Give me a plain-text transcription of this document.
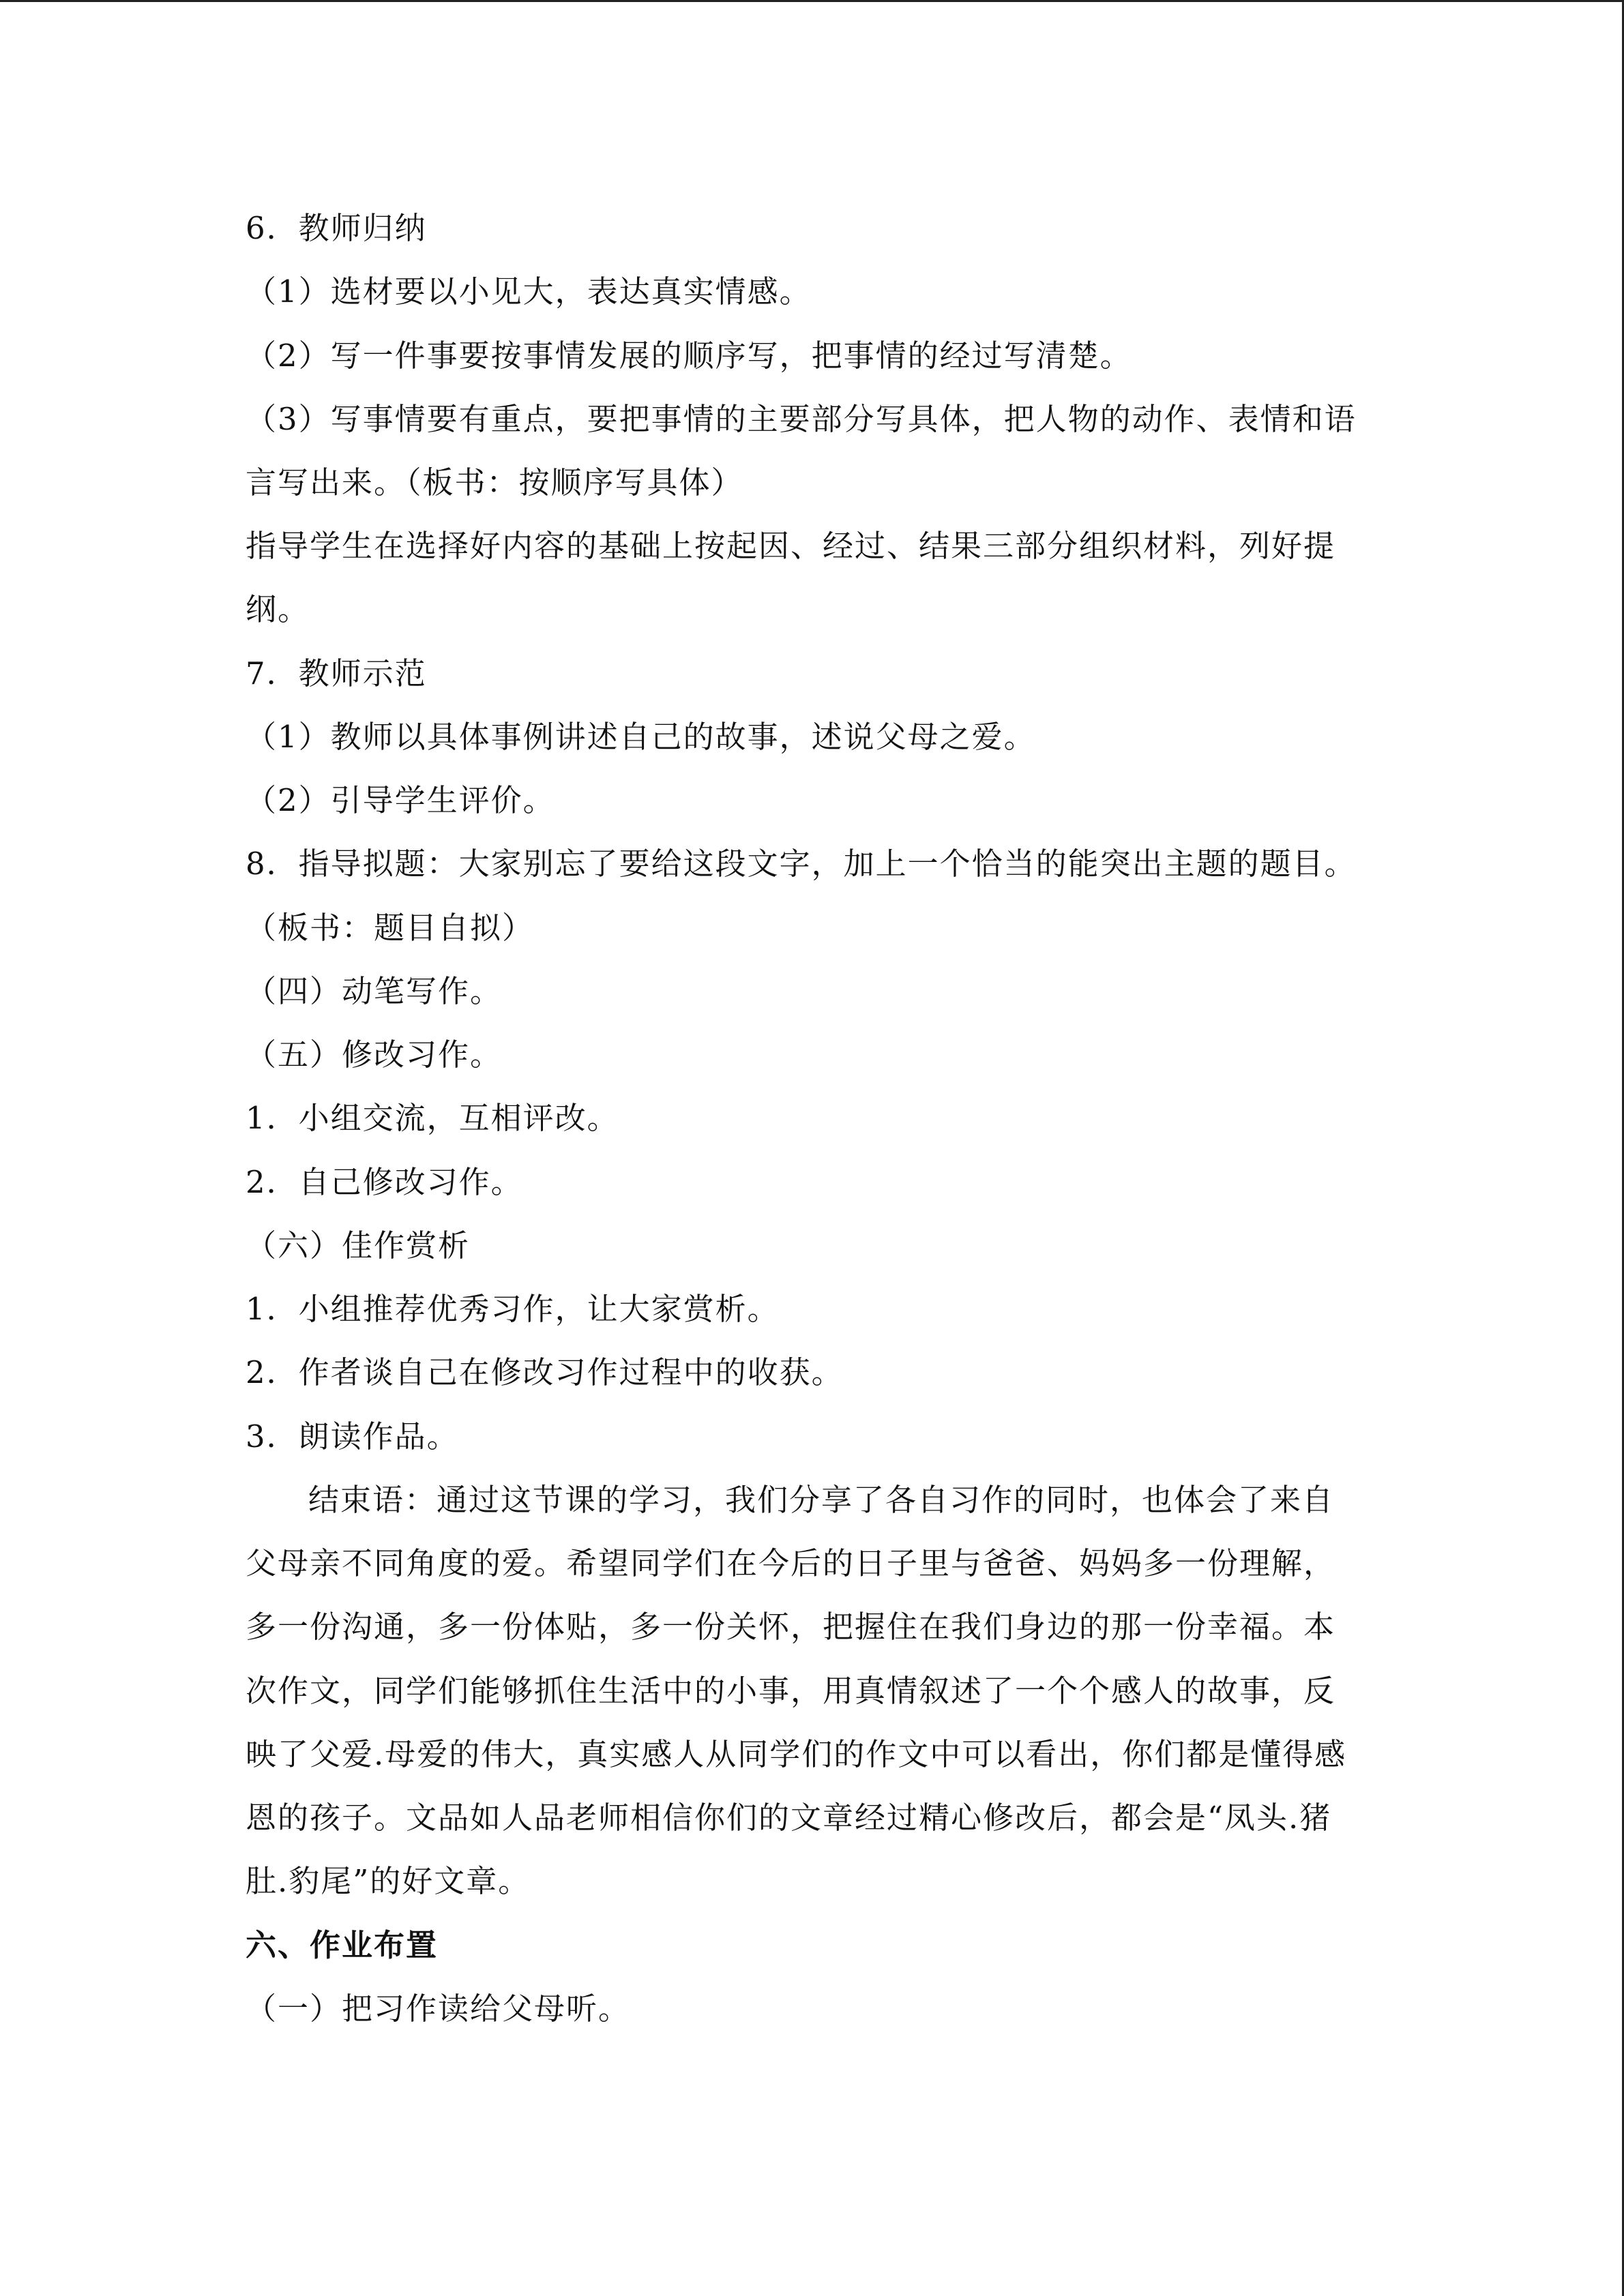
6．教师归纳
（1）选材要以小见大，表达真实情感。
（2）写一件事要按事情发展的顺序写，把事情的经过写清楚。
（3）写事情要有重点，要把事情的主要部分写具体，把人物的动作、表情和语
言写出来。（板书：按顺序写具体）
指导学生在选择好内容的基础上按起因、经过、结果三部分组织材料，列好提
纲。
7．教师示范
（1）教师以具体事例讲述自己的故事，述说父母之爱。
（2）引导学生评价。
8．指导拟题：大家别忘了要给这段文字，加上一个恰当的能突出主题的题目。
（板书：题目自拟）
（四）动笔写作。
（五）修改习作。
1．小组交流，互相评改。
2．自己修改习作。
（六）佳作赏析
1．小组推荐优秀习作，让大家赏析。
2．作者谈自己在修改习作过程中的收获。
3．朗读作品。
结束语：通过这节课的学习，我们分享了各自习作的同时，也体会了来自
父母亲不同角度的爱。希望同学们在今后的日子里与爸爸、妈妈多一份理解，
多一份沟通，多一份体贴，多一份关怀，把握住在我们身边的那一份幸福。本
次作文，同学们能够抓住生活中的小事，用真情叙述了一个个感人的故事，反
映了父爱.母爱的伟大，真实感人从同学们的作文中可以看出，你们都是懂得感
恩的孩子。文品如人品老师相信你们的文章经过精心修改后，都会是“凤头.猪
肚.豹尾”的好文章。
六、作业布置
（一）把习作读给父母听。
